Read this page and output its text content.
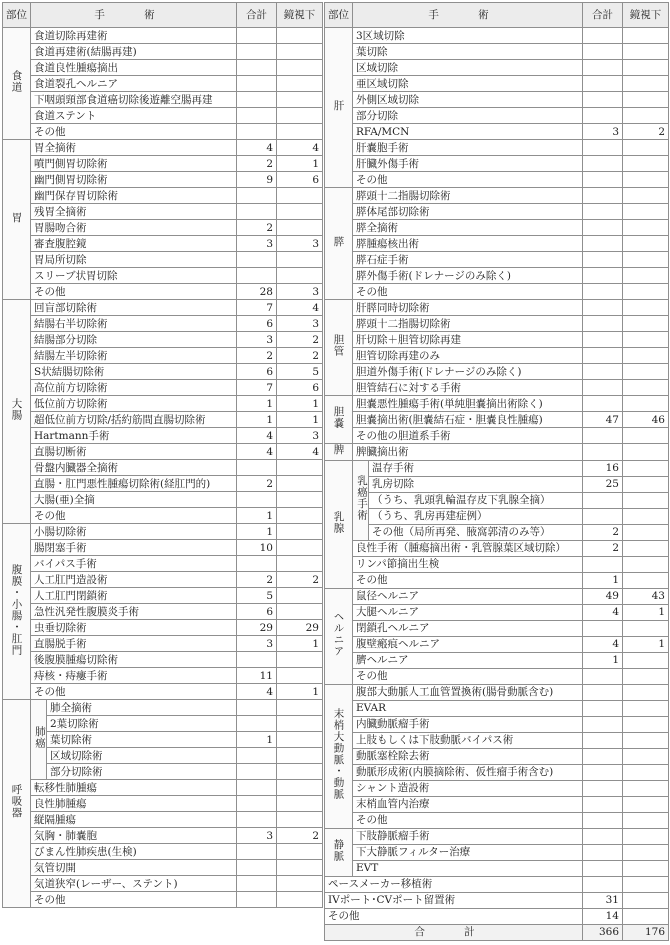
部位	手 術		合計	鏡視下
食道	食道切除再建術			
	食道再建術(結腸再建)			
	食道良性腫瘍摘出			
	食道裂孔ヘルニア			
	下咽頭頸部食道癌切除後遊離空腸再建			
	食道ステント			
	その他			
胃	胃全摘術		4	4
	噴門側胃切除術		2	1
	幽門側胃切除術		9	6
	幽門保存胃切除術			
	残胃全摘術			
	胃腸吻合術		2	
	審査腹腔鏡		3	3
	胃局所切除			
	スリーブ状胃切除			
	その他		28	3
大腸	回盲部切除術		7	4
	結腸右半切除術		6	3
	結腸部分切除		3	2
	結腸左半切除術		2	2
	S状結腸切除術		6	5
	高位前方切除術		7	6
	低位前方切除術		1	1
	超低位前方切除/括約筋間直腸切除術		1	1
	Hartmann手術		4	3
	直腸切断術		4	4
	骨盤内臓器全摘術			
	直腸・肛門悪性腫瘍切除術(経肛門的)		2	
	大腸(亜)全摘			
	その他		1	
腹膜・小腸・肛門	小腸切除術		1	
	腸閉塞手術		10	
	バイパス手術			
	人工肛門造設術		2	2
	人工肛門閉鎖術		5	
	急性汎発性腹膜炎手術		6	
	虫垂切除術		29	29
	直腸脱手術		3	1
	後腹膜腫瘍切除術			
	痔核・痔瘻手術		11	
	その他		4	1
呼吸器	肺癌	肺全摘術		
		2葉切除術		
		葉切除術	1	
		区域切除術		
		部分切除術		
	転移性肺腫瘍			
	良性肺腫瘍			
	縦隔腫瘍			
	気胸・肺嚢胞		3	2
	びまん性肺疾患(生検)			
	気管切開			
	気道狭窄(レーザー、ステント)			
	その他			
部位	手 術		合計	鏡視下
肝	3区域切除			
	葉切除			
	区域切除			
	亜区域切除			
	外側区域切除			
	部分切除			
	RFA/MCN		3	2
	肝嚢胞手術			
	肝臓外傷手術			
	その他			
膵	膵頭十二指腸切除術			
	膵体尾部切除術			
	膵全摘術			
	膵腫瘍核出術			
	膵石症手術			
	膵外傷手術(ドレナージのみ除く)			
	その他			
胆管	肝膵同時切除術			
	膵頭十二指腸切除術			
	肝切除＋胆管切除再建			
	胆管切除再建のみ			
	胆道外傷手術(ドレナージのみ除く)			
	胆管結石に対する手術			
胆嚢	胆嚢悪性腫瘍手術(単純胆嚢摘出術除く)			
	胆嚢摘出術(胆嚢結石症・胆嚢良性腫瘍)		47	46
	その他の胆道系手術			
脾	脾臓摘出術			
乳腺	乳癌手術	温存手術	16	
		乳房切除	25	
		（うち、乳頭乳輪温存皮下乳腺全摘）		
		（うち、乳房再建症例）		
		その他（局所再発、腋窩郭清のみ等）	2	
	良性手術（腫瘍摘出術・乳管腺葉区域切除）		2	
	リンパ節摘出生検			
	その他		1	
ヘルニア	鼠径ヘルニア		49	43
	大腿ヘルニア		4	1
	閉鎖孔ヘルニア			
	腹壁瘢痕ヘルニア		4	1
	臍ヘルニア		1	
	その他			
末梢大動脈・動脈	腹部大動脈人工血管置換術(腸骨動脈含む)			
	EVAR			
	内臓動脈瘤手術			
	上肢もしくは下肢動脈バイパス術			
	動脈塞栓除去術			
	動脈形成術(内膜摘除術、仮性瘤手術含む)			
	シャント造設術			
	末梢血管内治療			
	その他			
静脈	下肢静脈瘤手術			
	下大静脈フィルター治療			
	EVT			
ペースメーカー移植術				
IVポート･CVポート留置術			31	
その他			14	
合 計			366	176
